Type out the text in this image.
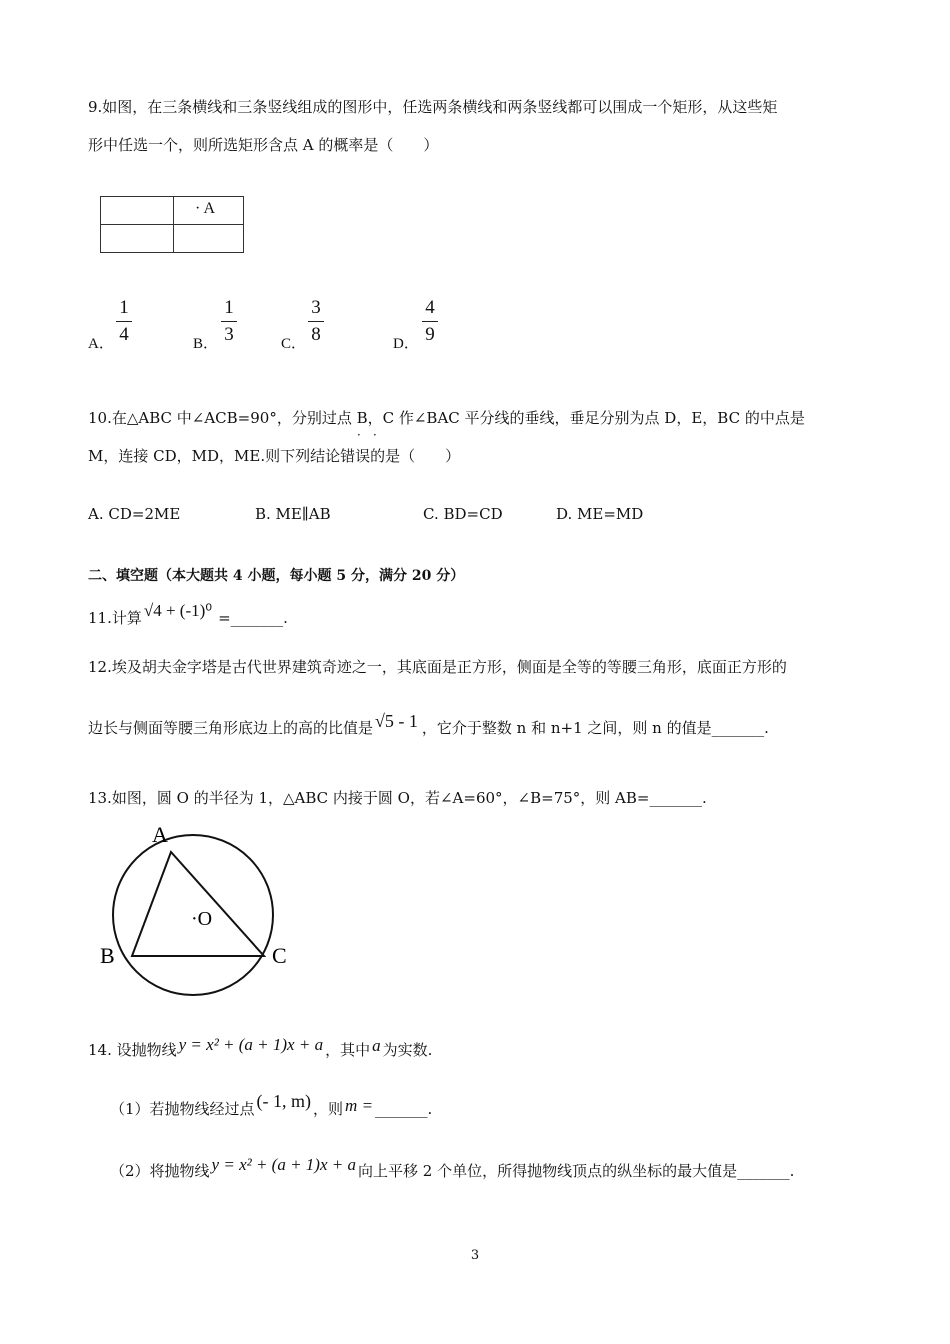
9.如图，在三条横线和三条竖线组成的图形中，任选两条横线和两条竖线都可以围成一个矩形，从这些矩
形中任选一个，则所选矩形含点 A 的概率是（　　）
· A
A．
1
4	B．
1
3	C．
3
8	D．
4
9
10.在△ABC 中∠ACB=90°，分别过点 B，C 作∠BAC 平分线的垂线，垂足分别为点 D，E，BC 的中点是
· ·
M，连接 CD，MD，ME.则下列结论错误的是（　　）
A. CD=2ME	B. ME∥AB	C. BD=CD	D. ME=MD
二、填空题（本大题共 4 小题，每小题 5 分，满分 20 分）
11.计算 √4 + (-1)⁰ =_______.
12.埃及胡夫金字塔是古代世界建筑奇迹之一，其底面是正方形，侧面是全等的等腰三角形，底面正方形的
边长与侧面等腰三角形底边上的高的比值是 √5 - 1 ，它介于整数 n 和 n+1 之间，则 n 的值是_______.
13.如图，圆 O 的半径为 1，△ABC 内接于圆 O，若∠A=60°，∠B=75°，则 AB=_______.
A
B	C
·O
14. 设抛物线 y = x² + (a + 1)x + a ，其中 a 为实数.
（1）若抛物线经过点 (- 1, m) ，则 m = _______.
（2）将抛物线 y = x² + (a + 1)x + a 向上平移 2 个单位，所得抛物线顶点的纵坐标的最大值是_______.
3
